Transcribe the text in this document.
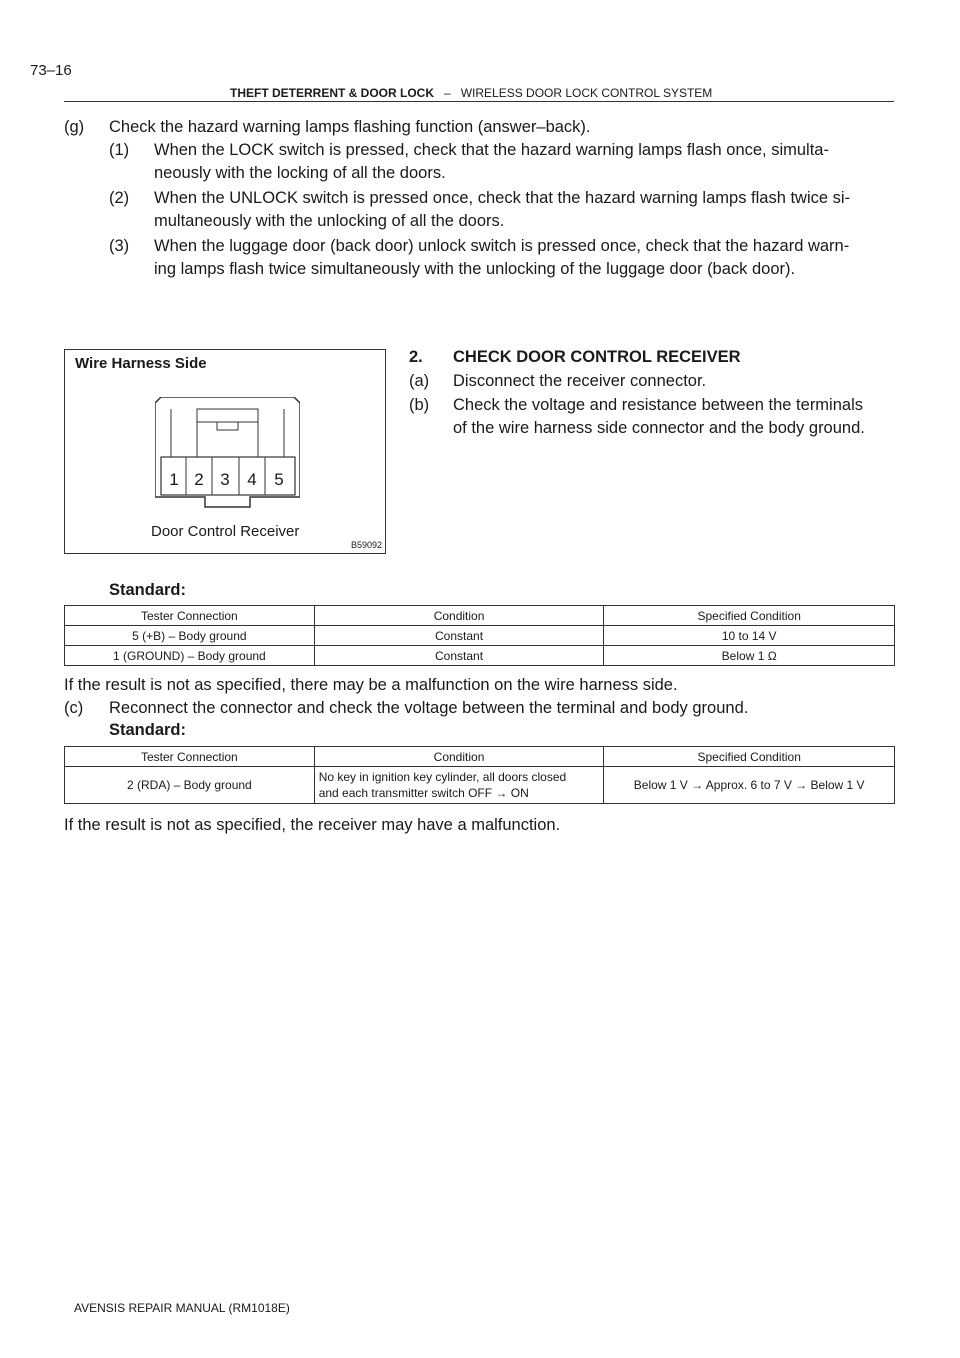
73–16
THEFT DETERRENT & DOOR LOCK – WIRELESS DOOR LOCK CONTROL SYSTEM
(g) Check the hazard warning lamps flashing function (answer–back).
(1) When the LOCK switch is pressed, check that the hazard warning lamps flash once, simulta-
neously with the locking of all the doors.
(2) When the UNLOCK switch is pressed once, check that the hazard warning lamps flash twice si-
multaneously with the unlocking of all the doors.
(3) When the luggage door (back door) unlock switch is pressed once, check that the hazard warn-
ing lamps flash twice simultaneously with the unlocking of the luggage door (back door).
Wire Harness Side
1 2 3 4 5
Door Control Receiver
B59092
2. CHECK DOOR CONTROL RECEIVER
(a) Disconnect the receiver connector.
(b) Check the voltage and resistance between the terminals
of the wire harness side connector and the body ground.
Standard:
Tester Connection	Condition	Specified Condition
5 (+B) – Body ground	Constant	10 to 14 V
1 (GROUND) – Body ground	Constant	Below 1 Ω
If the result is not as specified, there may be a malfunction on the wire harness side.
(c) Reconnect the connector and check the voltage between the terminal and body ground.
Standard:
Tester Connection	Condition	Specified Condition
2 (RDA) – Body ground	No key in ignition key cylinder, all doors closed
and each transmitter switch OFF → ON	Below 1 V → Approx. 6 to 7 V → Below 1 V
If the result is not as specified, the receiver may have a malfunction.
AVENSIS REPAIR MANUAL (RM1018E)
